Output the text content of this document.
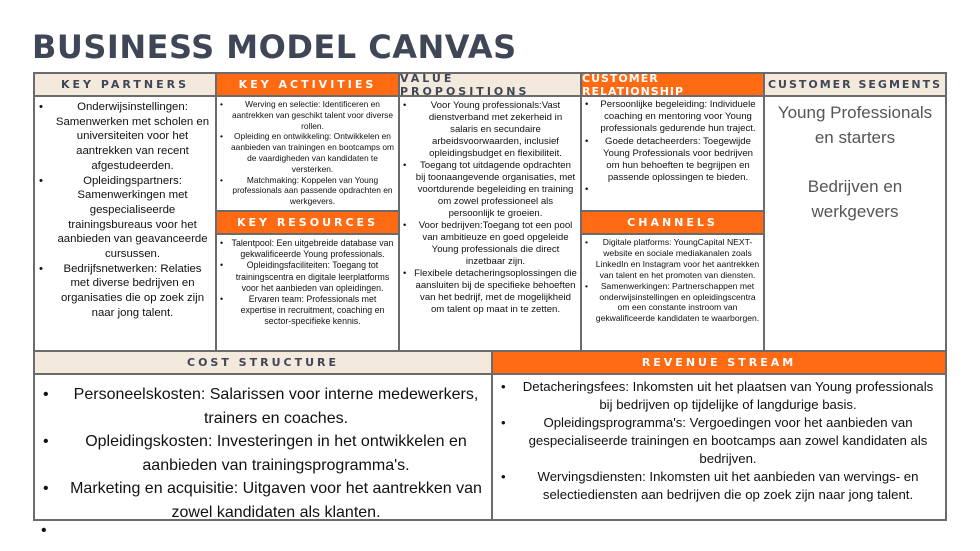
BUSINESS MODEL CANVAS
KEY PARTNERS
• Onderwijsinstellingen: Samenwerken met scholen en universiteiten voor het aantrekken van recent afgestudeerden.
• Opleidingspartners: Samenwerkingen met gespecialiseerde trainingsbureaus voor het aanbieden van geavanceerde cursussen.
• Bedrijfsnetwerken: Relaties met diverse bedrijven en organisaties die op zoek zijn naar jong talent.
KEY ACTIVITIES
• Werving en selectie: Identificeren en aantrekken van geschikt talent voor diverse rollen.
• Opleiding en ontwikkeling: Ontwikkelen en aanbieden van trainingen en bootcamps om de vaardigheden van kandidaten te versterken.
• Matchmaking: Koppelen van Young professionals aan passende opdrachten en werkgevers.
KEY RESOURCES
• Talentpool: Een uitgebreide database van gekwalificeerde Young professionals.
• Opleidingsfaciliteiten: Toegang tot trainingscentra en digitale leerplatforms voor het aanbieden van opleidingen.
• Ervaren team: Professionals met expertise in recruitment, coaching en sector-specifieke kennis.
VALUE PROPOSITIONS
• Voor Young professionals:Vast dienstverband met zekerheid in salaris en secundaire arbeidsvoorwaarden, inclusief opleidingsbudget en flexibiliteit.
• Toegang tot uitdagende opdrachten bij toonaangevende organisaties, met voortdurende begeleiding en training om zowel professioneel als persoonlijk te groeien.
• Voor bedrijven:Toegang tot een pool van ambitieuze en goed opgeleide Young professionals die direct inzetbaar zijn.
• Flexibele detacheringsoplossingen die aansluiten bij de specifieke behoeften van het bedrijf, met de mogelijkheid om talent op maat in te zetten.
CUSTOMER RELATIONSHIP
• Persoonlijke begeleiding: Individuele coaching en mentoring voor Young professionals gedurende hun traject.
• Goede detacheerders: Toegewijde Young Professionals voor bedrijven om hun behoeften te begrijpen en passende oplossingen te bieden.
•
CHANNELS
• Digitale platforms: YoungCapital NEXT-website en sociale mediakanalen zoals LinkedIn en Instagram voor het aantrekken van talent en het promoten van diensten.
• Samenwerkingen: Partnerschappen met onderwijsinstellingen en opleidingscentra om een constante instroom van gekwalificeerde kandidaten te waarborgen.
CUSTOMER SEGMENTS
Young Professionals en starters
Bedrijven en werkgevers
COST STRUCTURE
• Personeelskosten: Salarissen voor interne medewerkers, trainers en coaches.
• Opleidingskosten: Investeringen in het ontwikkelen en aanbieden van trainingsprogramma's.
• Marketing en acquisitie: Uitgaven voor het aantrekken van zowel kandidaten als klanten.
•
REVENUE STREAM
• Detacheringsfees: Inkomsten uit het plaatsen van Young professionals bij bedrijven op tijdelijke of langdurige basis.
• Opleidingsprogramma's: Vergoedingen voor het aanbieden van gespecialiseerde trainingen en bootcamps aan zowel kandidaten als bedrijven.
• Wervingsdiensten: Inkomsten uit het aanbieden van wervings- en selectiediensten aan bedrijven die op zoek zijn naar jong talent.
